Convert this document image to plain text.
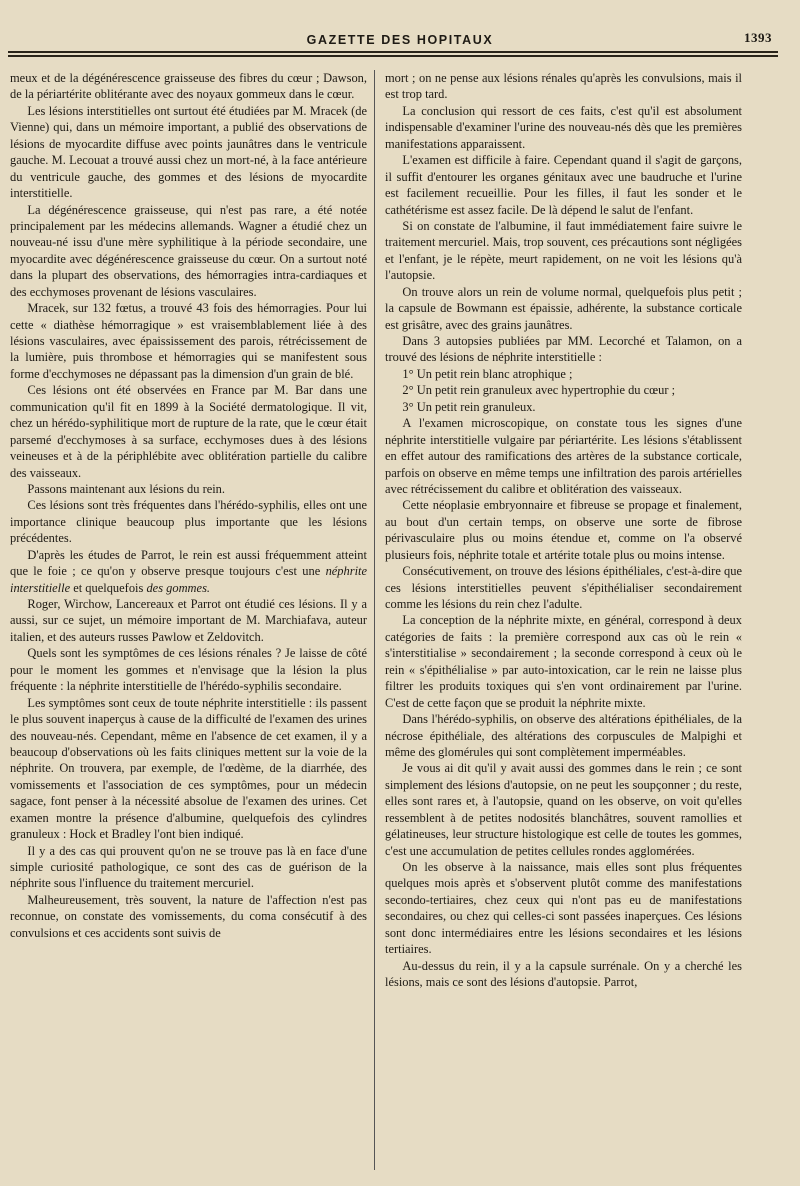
GAZETTE DES HOPITAUX	1393

meux et de la dégénérescence graisseuse des fibres du cœur ; Dawson, de la périartérite oblitérante avec des noyaux gommeux dans le cœur.

Les lésions interstitielles ont surtout été étudiées par M. Mracek (de Vienne) qui, dans un mémoire important, a publié des observations de lésions de myocardite diffuse avec points jaunâtres dans le ventricule gauche. M. Lecouat a trouvé aussi chez un mort-né, à la face antérieure du ventricule gauche, des gommes et des lésions de myocardite interstitielle.

La dégénérescence graisseuse, qui n'est pas rare, a été notée principalement par les médecins allemands. Wagner a étudié chez un nouveau-né issu d'une mère syphilitique à la période secondaire, une myocardite avec dégénérescence graisseuse du cœur. On a surtout noté dans la plupart des observations, des hémorragies intra-cardiaques et des ecchymoses provenant de lésions vasculaires.

Mracek, sur 132 fœtus, a trouvé 43 fois des hémorragies. Pour lui cette « diathèse hémorragique » est vraisemblablement liée à des lésions vasculaires, avec épaississement des parois, rétrécissement de la lumière, puis thrombose et hémorragies qui se manifestent sous forme d'ecchymoses ne dépassant pas la dimension d'un grain de blé.

Ces lésions ont été observées en France par M. Bar dans une communication qu'il fit en 1899 à la Société dermatologique. Il vit, chez un hérédo-syphilitique mort de rupture de la rate, que le cœur était parsemé d'ecchymoses à sa surface, ecchymoses dues à des lésions veineuses et à de la périphlébite avec oblitération partielle du calibre des vaisseaux.

Passons maintenant aux lésions du rein.

Ces lésions sont très fréquentes dans l'hérédo-syphilis, elles ont une importance clinique beaucoup plus importante que les lésions précédentes.

D'après les études de Parrot, le rein est aussi fréquemment atteint que le foie ; ce qu'on y observe presque toujours c'est une néphrite interstitielle et quelquefois des gommes.

Roger, Wirchow, Lancereaux et Parrot ont étudié ces lésions. Il y a aussi, sur ce sujet, un mémoire important de M. Marchiafava, auteur italien, et des auteurs russes Pawlow et Zeldovitch.

Quels sont les symptômes de ces lésions rénales ? Je laisse de côté pour le moment les gommes et n'envisage que la lésion la plus fréquente : la néphrite interstitielle de l'hérédo-syphilis secondaire.

Les symptômes sont ceux de toute néphrite interstitielle : ils passent le plus souvent inaperçus à cause de la difficulté de l'examen des urines des nouveau-nés. Cependant, même en l'absence de cet examen, il y a beaucoup d'observations où les faits cliniques mettent sur la voie de la néphrite. On trouvera, par exemple, de l'œdème, de la diarrhée, des vomissements et l'association de ces symptômes, pour un médecin sagace, font penser à la nécessité absolue de l'examen des urines. Cet examen montre la présence d'albumine, quelquefois des cylindres granuleux : Hock et Bradley l'ont bien indiqué.

Il y a des cas qui prouvent qu'on ne se trouve pas là en face d'une simple curiosité pathologique, ce sont des cas de guérison de la néphrite sous l'influence du traitement mercuriel.

Malheureusement, très souvent, la nature de l'affection n'est pas reconnue, on constate des vomissements, du coma consécutif à des convulsions et ces accidents sont suivis de

mort ; on ne pense aux lésions rénales qu'après les convulsions, mais il est trop tard.

La conclusion qui ressort de ces faits, c'est qu'il est absolument indispensable d'examiner l'urine des nouveau-nés dès que les premières manifestations apparaissent.

L'examen est difficile à faire. Cependant quand il s'agit de garçons, il suffit d'entourer les organes génitaux avec une baudruche et l'urine est facilement recueillie. Pour les filles, il faut les sonder et le cathétérisme est assez facile. De là dépend le salut de l'enfant.

Si on constate de l'albumine, il faut immédiatement faire suivre le traitement mercuriel. Mais, trop souvent, ces précautions sont négligées et l'enfant, je le répète, meurt rapidement, on ne voit les lésions qu'à l'autopsie.

On trouve alors un rein de volume normal, quelquefois plus petit ; la capsule de Bowmann est épaissie, adhérente, la substance corticale est grisâtre, avec des grains jaunâtres.

Dans 3 autopsies publiées par MM. Lecorché et Talamon, on a trouvé des lésions de néphrite interstitielle :

1° Un petit rein blanc atrophique ;

2° Un petit rein granuleux avec hypertrophie du cœur ;

3° Un petit rein granuleux.

A l'examen microscopique, on constate tous les signes d'une néphrite interstitielle vulgaire par périartérite. Les lésions s'établissent en effet autour des ramifications des artères de la substance corticale, parfois on observe en même temps une infiltration des parois artérielles avec rétrécissement du calibre et oblitération des vaisseaux.

Cette néoplasie embryonnaire et fibreuse se propage et finalement, au bout d'un certain temps, on observe une sorte de fibrose périvasculaire plus ou moins étendue et, comme on l'a observé plusieurs fois, néphrite totale et artérite totale plus ou moins intense.

Consécutivement, on trouve des lésions épithéliales, c'est-à-dire que ces lésions interstitielles peuvent s'épithélialiser secondairement comme les lésions du rein chez l'adulte.

La conception de la néphrite mixte, en général, correspond à deux catégories de faits : la première correspond aux cas où le rein « s'interstitialise » secondairement ; la seconde correspond à ceux où le rein « s'épithélialise » par auto-intoxication, car le rein ne laisse plus filtrer les produits toxiques qui s'en vont ordinairement par l'urine. C'est de cette façon que se produit la néphrite mixte.

Dans l'hérédo-syphilis, on observe des altérations épithéliales, de la nécrose épithéliale, des altérations des corpuscules de Malpighi et même des glomérules qui sont complètement imperméables.

Je vous ai dit qu'il y avait aussi des gommes dans le rein ; ce sont simplement des lésions d'autopsie, on ne peut les soupçonner ; du reste, elles sont rares et, à l'autopsie, quand on les observe, on voit qu'elles ressemblent à de petites nodosités blanchâtres, souvent ramollies et gélatineuses, leur structure histologique est celle de toutes les gommes, c'est une accumulation de petites cellules rondes agglomérées.

On les observe à la naissance, mais elles sont plus fréquentes quelques mois après et s'observent plutôt comme des manifestations secondo-tertiaires, chez ceux qui n'ont pas eu de manifestations secondaires, ou chez qui celles-ci sont passées inaperçues. Ces lésions sont donc intermédiaires entre les lésions secondaires et les lésions tertiaires.

Au-dessus du rein, il y a la capsule surrénale. On y a cherché les lésions, mais ce sont des lésions d'autopsie. Parrot,
